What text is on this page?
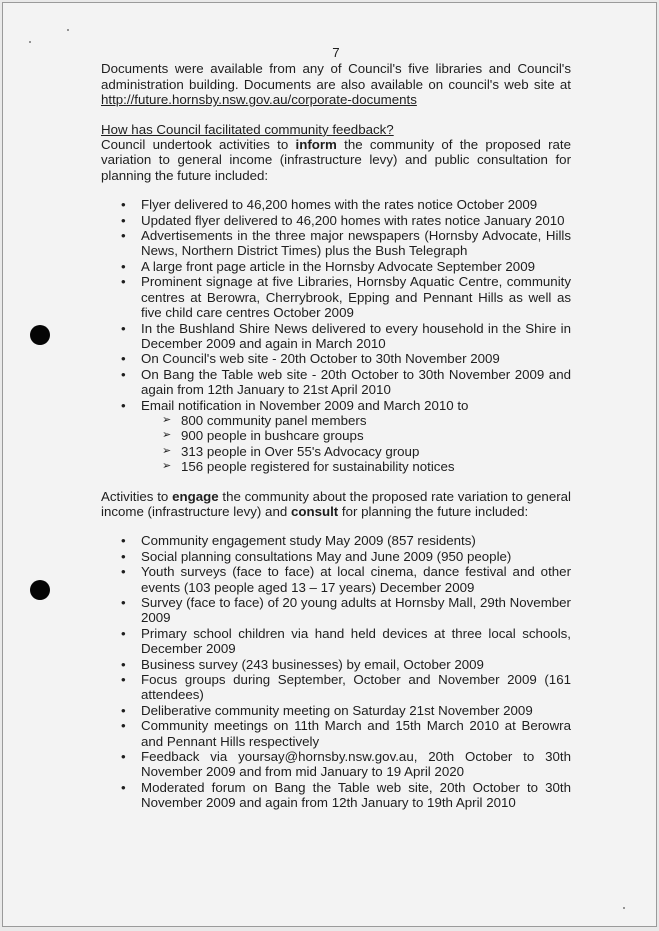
7

Documents were available from any of Council's five libraries and Council's administration building. Documents are also available on council's web site at http://future.hornsby.nsw.gov.au/corporate-documents

How has Council facilitated community feedback?

Council undertook activities to inform the community of the proposed rate variation to general income (infrastructure levy) and public consultation for planning the future included:

• Flyer delivered to 46,200 homes with the rates notice October 2009
• Updated flyer delivered to 46,200 homes with rates notice January 2010
• Advertisements in the three major newspapers (Hornsby Advocate, Hills News, Northern District Times) plus the Bush Telegraph
• A large front page article in the Hornsby Advocate September 2009
• Prominent signage at five Libraries, Hornsby Aquatic Centre, community centres at Berowra, Cherrybrook, Epping and Pennant Hills as well as five child care centres October 2009
• In the Bushland Shire News delivered to every household in the Shire in December 2009 and again in March 2010
• On Council's web site - 20th October to 30th November 2009
• On Bang the Table web site - 20th October to 30th November 2009 and again from 12th January to 21st April 2010
• Email notification in November 2009 and March 2010 to
➢ 800 community panel members
➢ 900 people in bushcare groups
➢ 313 people in Over 55's Advocacy group
➢ 156 people registered for sustainability notices

Activities to engage the community about the proposed rate variation to general income (infrastructure levy) and consult for planning the future included:

• Community engagement study May 2009 (857 residents)
• Social planning consultations May and June 2009 (950 people)
• Youth surveys (face to face) at local cinema, dance festival and other events (103 people aged 13 – 17 years) December 2009
• Survey (face to face) of 20 young adults at Hornsby Mall, 29th November 2009
• Primary school children via hand held devices at three local schools, December 2009
• Business survey (243 businesses) by email, October 2009
• Focus groups during September, October and November 2009 (161 attendees)
• Deliberative community meeting on Saturday 21st November 2009
• Community meetings on 11th March and 15th March 2010 at Berowra and Pennant Hills respectively
• Feedback via yoursay@hornsby.nsw.gov.au, 20th October to 30th November 2009 and from mid January to 19 April 2020
• Moderated forum on Bang the Table web site, 20th October to 30th November 2009 and again from 12th January to 19th April 2010
